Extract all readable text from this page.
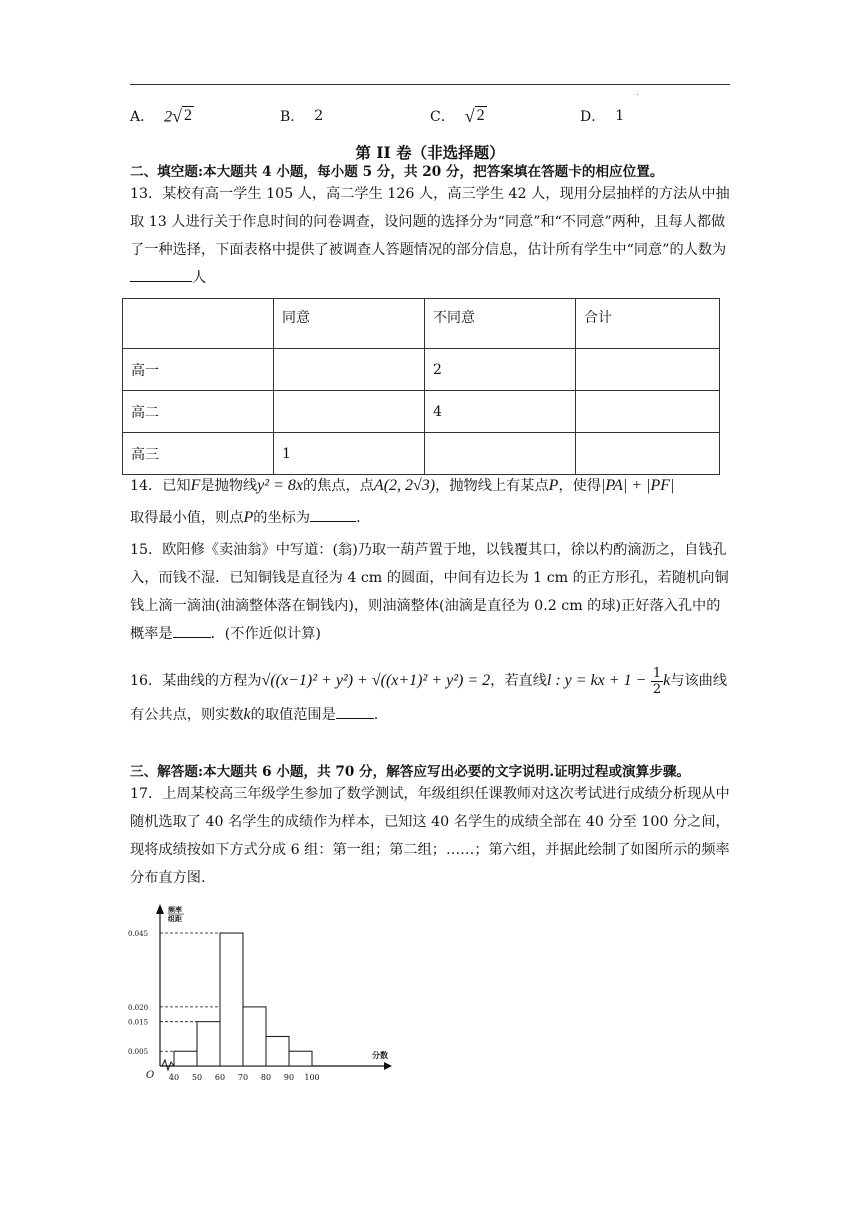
.
A． 2 √ 2	B． 2	C． √ 2	D． 1
第 II 卷（非选择题）
二、填空题:本大题共 4 小题，每小题 5 分，共 20 分，把答案填在答题卡的相应位置。
13．某校有高一学生 105 人，高二学生 126 人，高三学生 42 人，现用分层抽样的方法从中抽取 13 人进行关于作息时间的问卷调查，设问题的选择分为“同意”和“不同意”两种，且每人都做了一种选择，下面表格中提供了被调查人答题情况的部分信息，估计所有学生中“同意”的人数为人
	同意	不同意	合计
高一		2	
高二		4	
高三	1		
14．已知F是抛物线y² = 8x的焦点，点A(2, 2√3)，抛物线上有某点P，使得|PA| + |PF|
取得最小值，则点P的坐标为	.
15．欧阳修《卖油翁》中写道：(翁)乃取一葫芦置于地，以钱覆其口，徐以杓酌滴沥之，自钱孔入，而钱不湿．已知铜钱是直径为 4 cm 的圆面，中间有边长为 1 cm 的正方形孔，若随机向铜钱上滴一滴油(油滴整体落在铜钱内)，则油滴整体(油滴是直径为 0.2 cm 的球)正好落入孔中的概率是	．(不作近似计算)
16．某曲线的方程为√((x−1)² + y²) + √((x+1)² + y²) = 2，若直线l : y = kx + $1 - \frac{1}{2}$ k与该曲线有公共点，则实数k的取值范围是	.
三、解答题:本大题共 6 小题，共 70 分，解答应写出必要的文字说明.证明过程或演算步骤。
17．上周某校高三年级学生参加了数学测试，年级组织任课教师对这次考试进行成绩分析现从中随机选取了 40 名学生的成绩作为样本，已知这 40 名学生的成绩全部在 40 分至 100 分之间，现将成绩按如下方式分成 6 组：第一组；第二组；……；第六组，并据此绘制了如图所示的频率分布直方图.
频率
组距
分数
O
0.045
0.020
0.015
0.005
40 50 60 70 80 90 100
